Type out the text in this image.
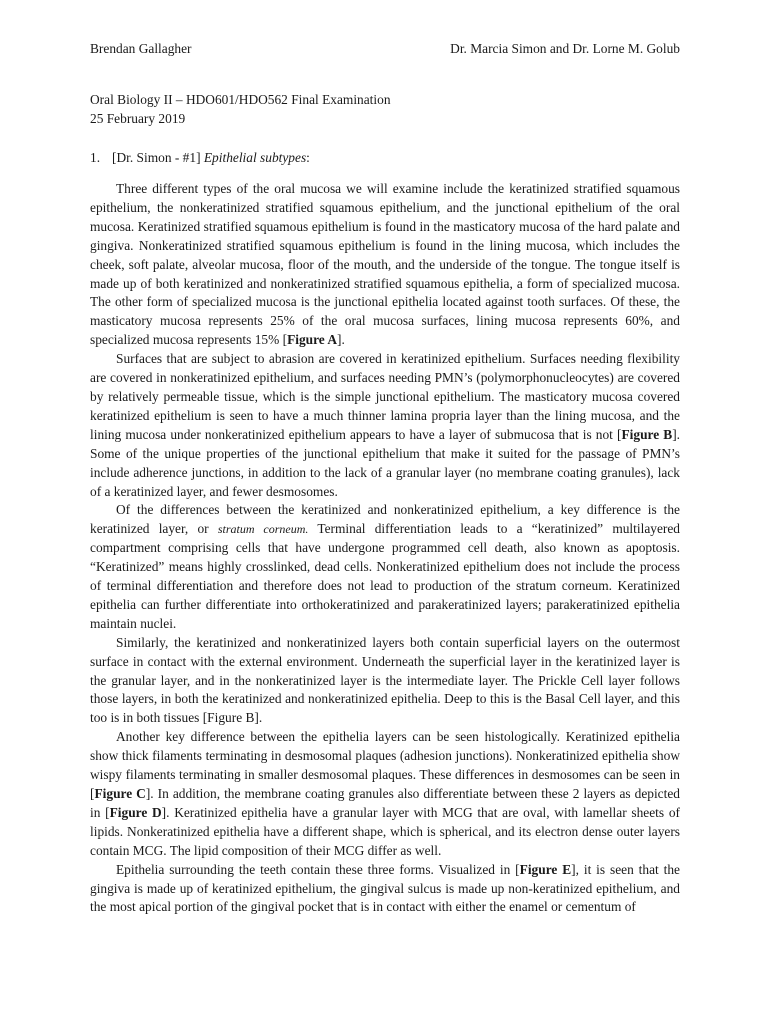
Brendan Gallagher	Dr. Marcia Simon and Dr. Lorne M. Golub
Oral Biology II – HDO601/HDO562 Final Examination
25 February 2019
1. [Dr. Simon - #1] Epithelial subtypes:

Three different types of the oral mucosa we will examine include the keratinized stratified squamous epithelium, the nonkeratinized stratified squamous epithelium, and the junctional epithelium of the oral mucosa. Keratinized stratified squamous epithelium is found in the masticatory mucosa of the hard palate and gingiva. Nonkeratinized stratified squamous epithelium is found in the lining mucosa, which includes the cheek, soft palate, alveolar mucosa, floor of the mouth, and the underside of the tongue. The tongue itself is made up of both keratinized and nonkeratinized stratified squamous epithelia, a form of specialized mucosa. The other form of specialized mucosa is the junctional epithelia located against tooth surfaces. Of these, the masticatory mucosa represents 25% of the oral mucosa surfaces, lining mucosa represents 60%, and specialized mucosa represents 15% [Figure A].

Surfaces that are subject to abrasion are covered in keratinized epithelium. Surfaces needing flexibility are covered in nonkeratinized epithelium, and surfaces needing PMN’s (polymorphonucleocytes) are covered by relatively permeable tissue, which is the simple junctional epithelium. The masticatory mucosa covered keratinized epithelium is seen to have a much thinner lamina propria layer than the lining mucosa, and the lining mucosa under nonkeratinized epithelium appears to have a layer of submucosa that is not [Figure B]. Some of the unique properties of the junctional epithelium that make it suited for the passage of PMN’s include adherence junctions, in addition to the lack of a granular layer (no membrane coating granules), lack of a keratinized layer, and fewer desmosomes.

Of the differences between the keratinized and nonkeratinized epithelium, a key difference is the keratinized layer, or stratum corneum. Terminal differentiation leads to a “keratinized” multilayered compartment comprising cells that have undergone programmed cell death, also known as apoptosis. “Keratinized” means highly crosslinked, dead cells. Nonkeratinized epithelium does not include the process of terminal differentiation and therefore does not lead to production of the stratum corneum. Keratinized epithelia can further differentiate into orthokeratinized and parakeratinized layers; parakeratinized epithelia maintain nuclei.

Similarly, the keratinized and nonkeratinized layers both contain superficial layers on the outermost surface in contact with the external environment. Underneath the superficial layer in the keratinized layer is the granular layer, and in the nonkeratinized layer is the intermediate layer. The Prickle Cell layer follows those layers, in both the keratinized and nonkeratinized epithelia. Deep to this is the Basal Cell layer, and this too is in both tissues [Figure B].

Another key difference between the epithelia layers can be seen histologically. Keratinized epithelia show thick filaments terminating in desmosomal plaques (adhesion junctions). Nonkeratinized epithelia show wispy filaments terminating in smaller desmosomal plaques. These differences in desmosomes can be seen in [Figure C]. In addition, the membrane coating granules also differentiate between these 2 layers as depicted in [Figure D]. Keratinized epithelia have a granular layer with MCG that are oval, with lamellar sheets of lipids. Nonkeratinized epithelia have a different shape, which is spherical, and its electron dense outer layers contain MCG. The lipid composition of their MCG differ as well.

Epithelia surrounding the teeth contain these three forms. Visualized in [Figure E], it is seen that the gingiva is made up of keratinized epithelium, the gingival sulcus is made up non-keratinized epithelium, and the most apical portion of the gingival pocket that is in contact with either the enamel or cementum of
